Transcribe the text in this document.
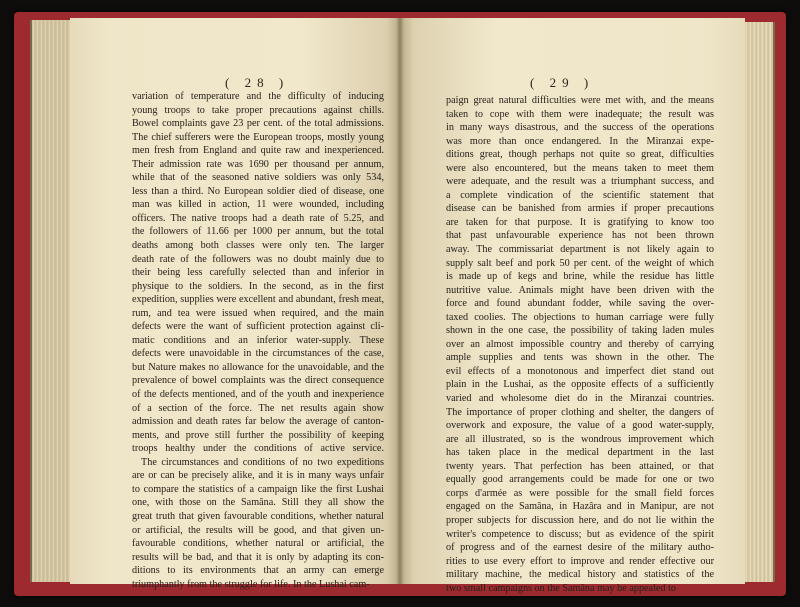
( 28 )
variation of temperature and the difficulty of inducing
young troops to take proper precautions against chills.
Bowel complaints gave 23 per cent. of the total admissions.
The chief sufferers were the European troops, mostly young
men fresh from England and quite raw and inexperienced.
Their admission rate was 1690 per thousand per annum,
while that of the seasoned native soldiers was only 534,
less than a third. No European soldier died of disease, one
man was killed in action, 11 were wounded, including
officers. The native troops had a death rate of 5.25, and
the followers of 11.66 per 1000 per annum, but the total
deaths among both classes were only ten. The larger
death rate of the followers was no doubt mainly due to
their being less carefully selected than and inferior in
physique to the soldiers. In the second, as in the first
expedition, supplies were excellent and abundant, fresh meat,
rum, and tea were issued when required, and the main
defects were the want of sufficient protection against cli-
matic conditions and an inferior water-supply. These
defects were unavoidable in the circumstances of the case,
but Nature makes no allowance for the unavoidable, and the
prevalence of bowel complaints was the direct consequence
of the defects mentioned, and of the youth and inexperience
of a section of the force. The net results again show
admission and death rates far below the average of canton-
ments, and prove still further the possibility of keeping
troops healthy under the conditions of active service.
The circumstances and conditions of no two expeditions
are or can be precisely alike, and it is in many ways unfair
to compare the statistics of a campaign like the first Lushai
one, with those on the Samâna. Still they all show the
great truth that given favourable conditions, whether natural
or artificial, the results will be good, and that given un-
favourable conditions, whether natural or artificial, the
results will be bad, and that it is only by adapting its con-
ditions to its environments that an army can emerge
triumphantly from the struggle for life. In the Lushai cam-
( 29 )
paign great natural difficulties were met with, and the means
taken to cope with them were inadequate; the result was
in many ways disastrous, and the success of the operations
was more than once endangered. In the Miranzai expe-
ditions great, though perhaps not quite so great, difficulties
were also encountered, but the means taken to meet them
were adequate, and the result was a triumphant success, and
a complete vindication of the scientific statement that
disease can be banished from armies if proper precautions
are taken for that purpose. It is gratifying to know too
that past unfavourable experience has not been thrown
away. The commissariat department is not likely again to
supply salt beef and pork 50 per cent. of the weight of which
is made up of kegs and brine, while the residue has little
nutritive value. Animals might have been driven with the
force and found abundant fodder, while saving the over-
taxed coolies. The objections to human carriage were fully
shown in the one case, the possibility of taking laden mules
over an almost impossible country and thereby of carrying
ample supplies and tents was shown in the other. The
evil effects of a monotonous and imperfect diet stand out
plain in the Lushai, as the opposite effects of a sufficiently
varied and wholesome diet do in the Miranzai countries.
The importance of proper clothing and shelter, the dangers of
overwork and exposure, the value of a good water-supply,
are all illustrated, so is the wondrous improvement which
has taken place in the medical department in the last
twenty years. That perfection has been attained, or that
equally good arrangements could be made for one or two
corps d'armée as were possible for the small field forces
engaged on the Samâna, in Hazâra and in Manipur, are not
proper subjects for discussion here, and do not lie within the
writer's competence to discuss; but as evidence of the spirit
of progress and of the earnest desire of the military autho-
rities to use every effort to improve and render effective our
military machine, the medical history and statistics of the
two small campaigns on the Samâna may be appealed to
